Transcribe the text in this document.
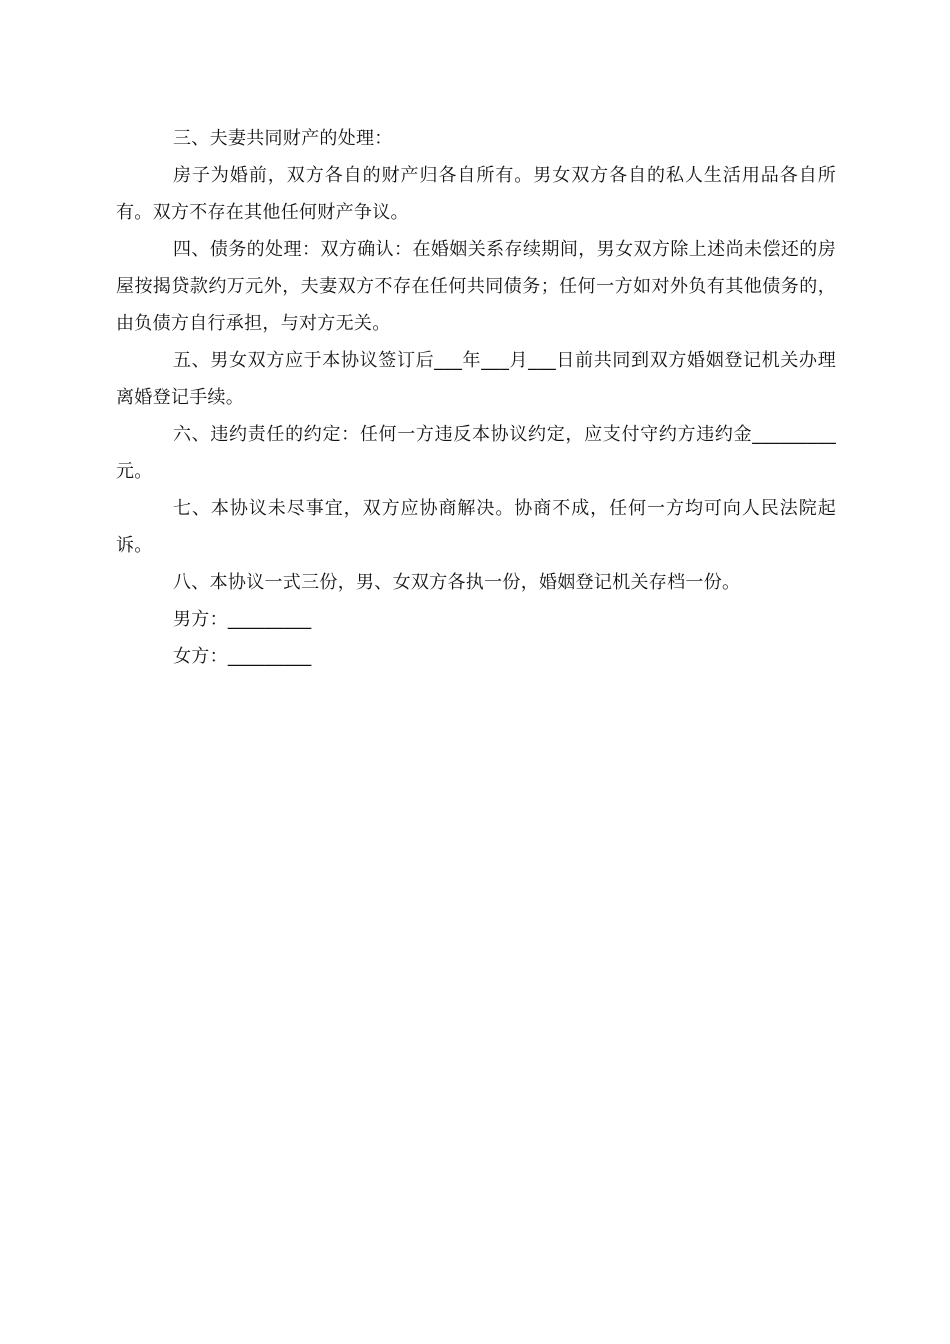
三、夫妻共同财产的处理：

房子为婚前，双方各自的财产归各自所有。男女双方各自的私人生活用品各自所有。双方不存在其他任何财产争议。

四、债务的处理：双方确认：在婚姻关系存续期间，男女双方除上述尚未偿还的房屋按揭贷款约万元外，夫妻双方不存在任何共同债务；任何一方如对外负有其他债务的，由负债方自行承担，与对方无关。

五、男女双方应于本协议签订后___年___月___日前共同到双方婚姻登记机关办理离婚登记手续。

六、违约责任的约定：任何一方违反本协议约定，应支付守约方违约金_________元。

七、本协议未尽事宜，双方应协商解决。协商不成，任何一方均可向人民法院起诉。

八、本协议一式三份，男、女双方各执一份，婚姻登记机关存档一份。

男方：_________

女方：_________
